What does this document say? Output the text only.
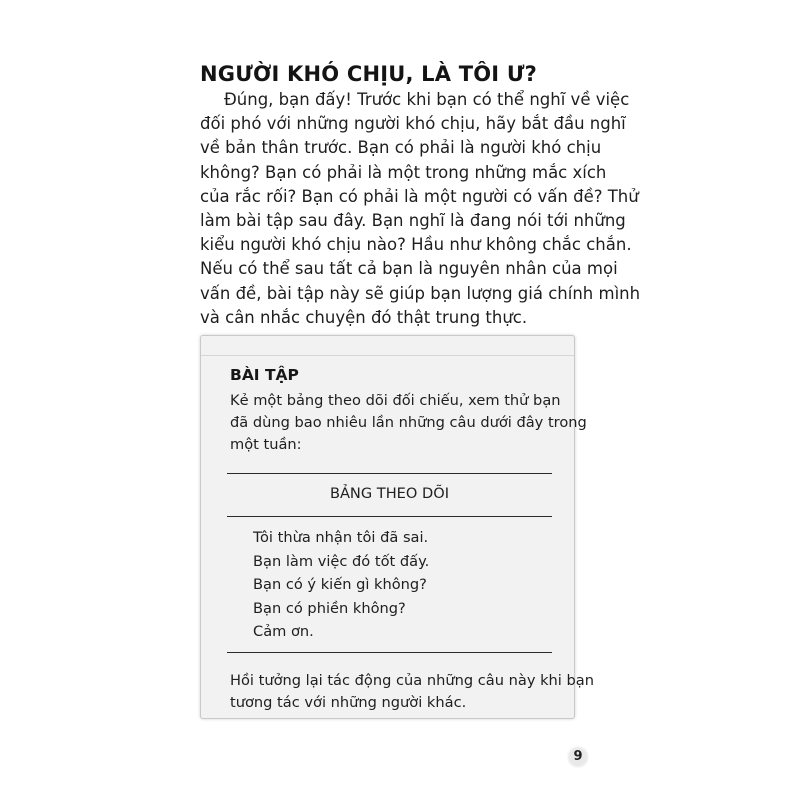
NGƯỜI KHÓ CHỊU, LÀ TÔI Ư?
Đúng, bạn đấy! Trước khi bạn có thể nghĩ về việc
đối phó với những người khó chịu, hãy bắt đầu nghĩ
về bản thân trước. Bạn có phải là người khó chịu
không? Bạn có phải là một trong những mắc xích
của rắc rối? Bạn có phải là một người có vấn đề? Thử
làm bài tập sau đây. Bạn nghĩ là đang nói tới những
kiểu người khó chịu nào? Hầu như không chắc chắn.
Nếu có thể sau tất cả bạn là nguyên nhân của mọi
vấn đề, bài tập này sẽ giúp bạn lượng giá chính mình
và cân nhắc chuyện đó thật trung thực.
BÀI TẬP
Kẻ một bảng theo dõi đối chiếu, xem thử bạn
đã dùng bao nhiêu lần những câu dưới đây trong
một tuần:
BẢNG THEO DÕI
Tôi thừa nhận tôi đã sai.
Bạn làm việc đó tốt đấy.
Bạn có ý kiến gì không?
Bạn có phiền không?
Cảm ơn.
Hồi tưởng lại tác động của những câu này khi bạn
tương tác với những người khác.
9
